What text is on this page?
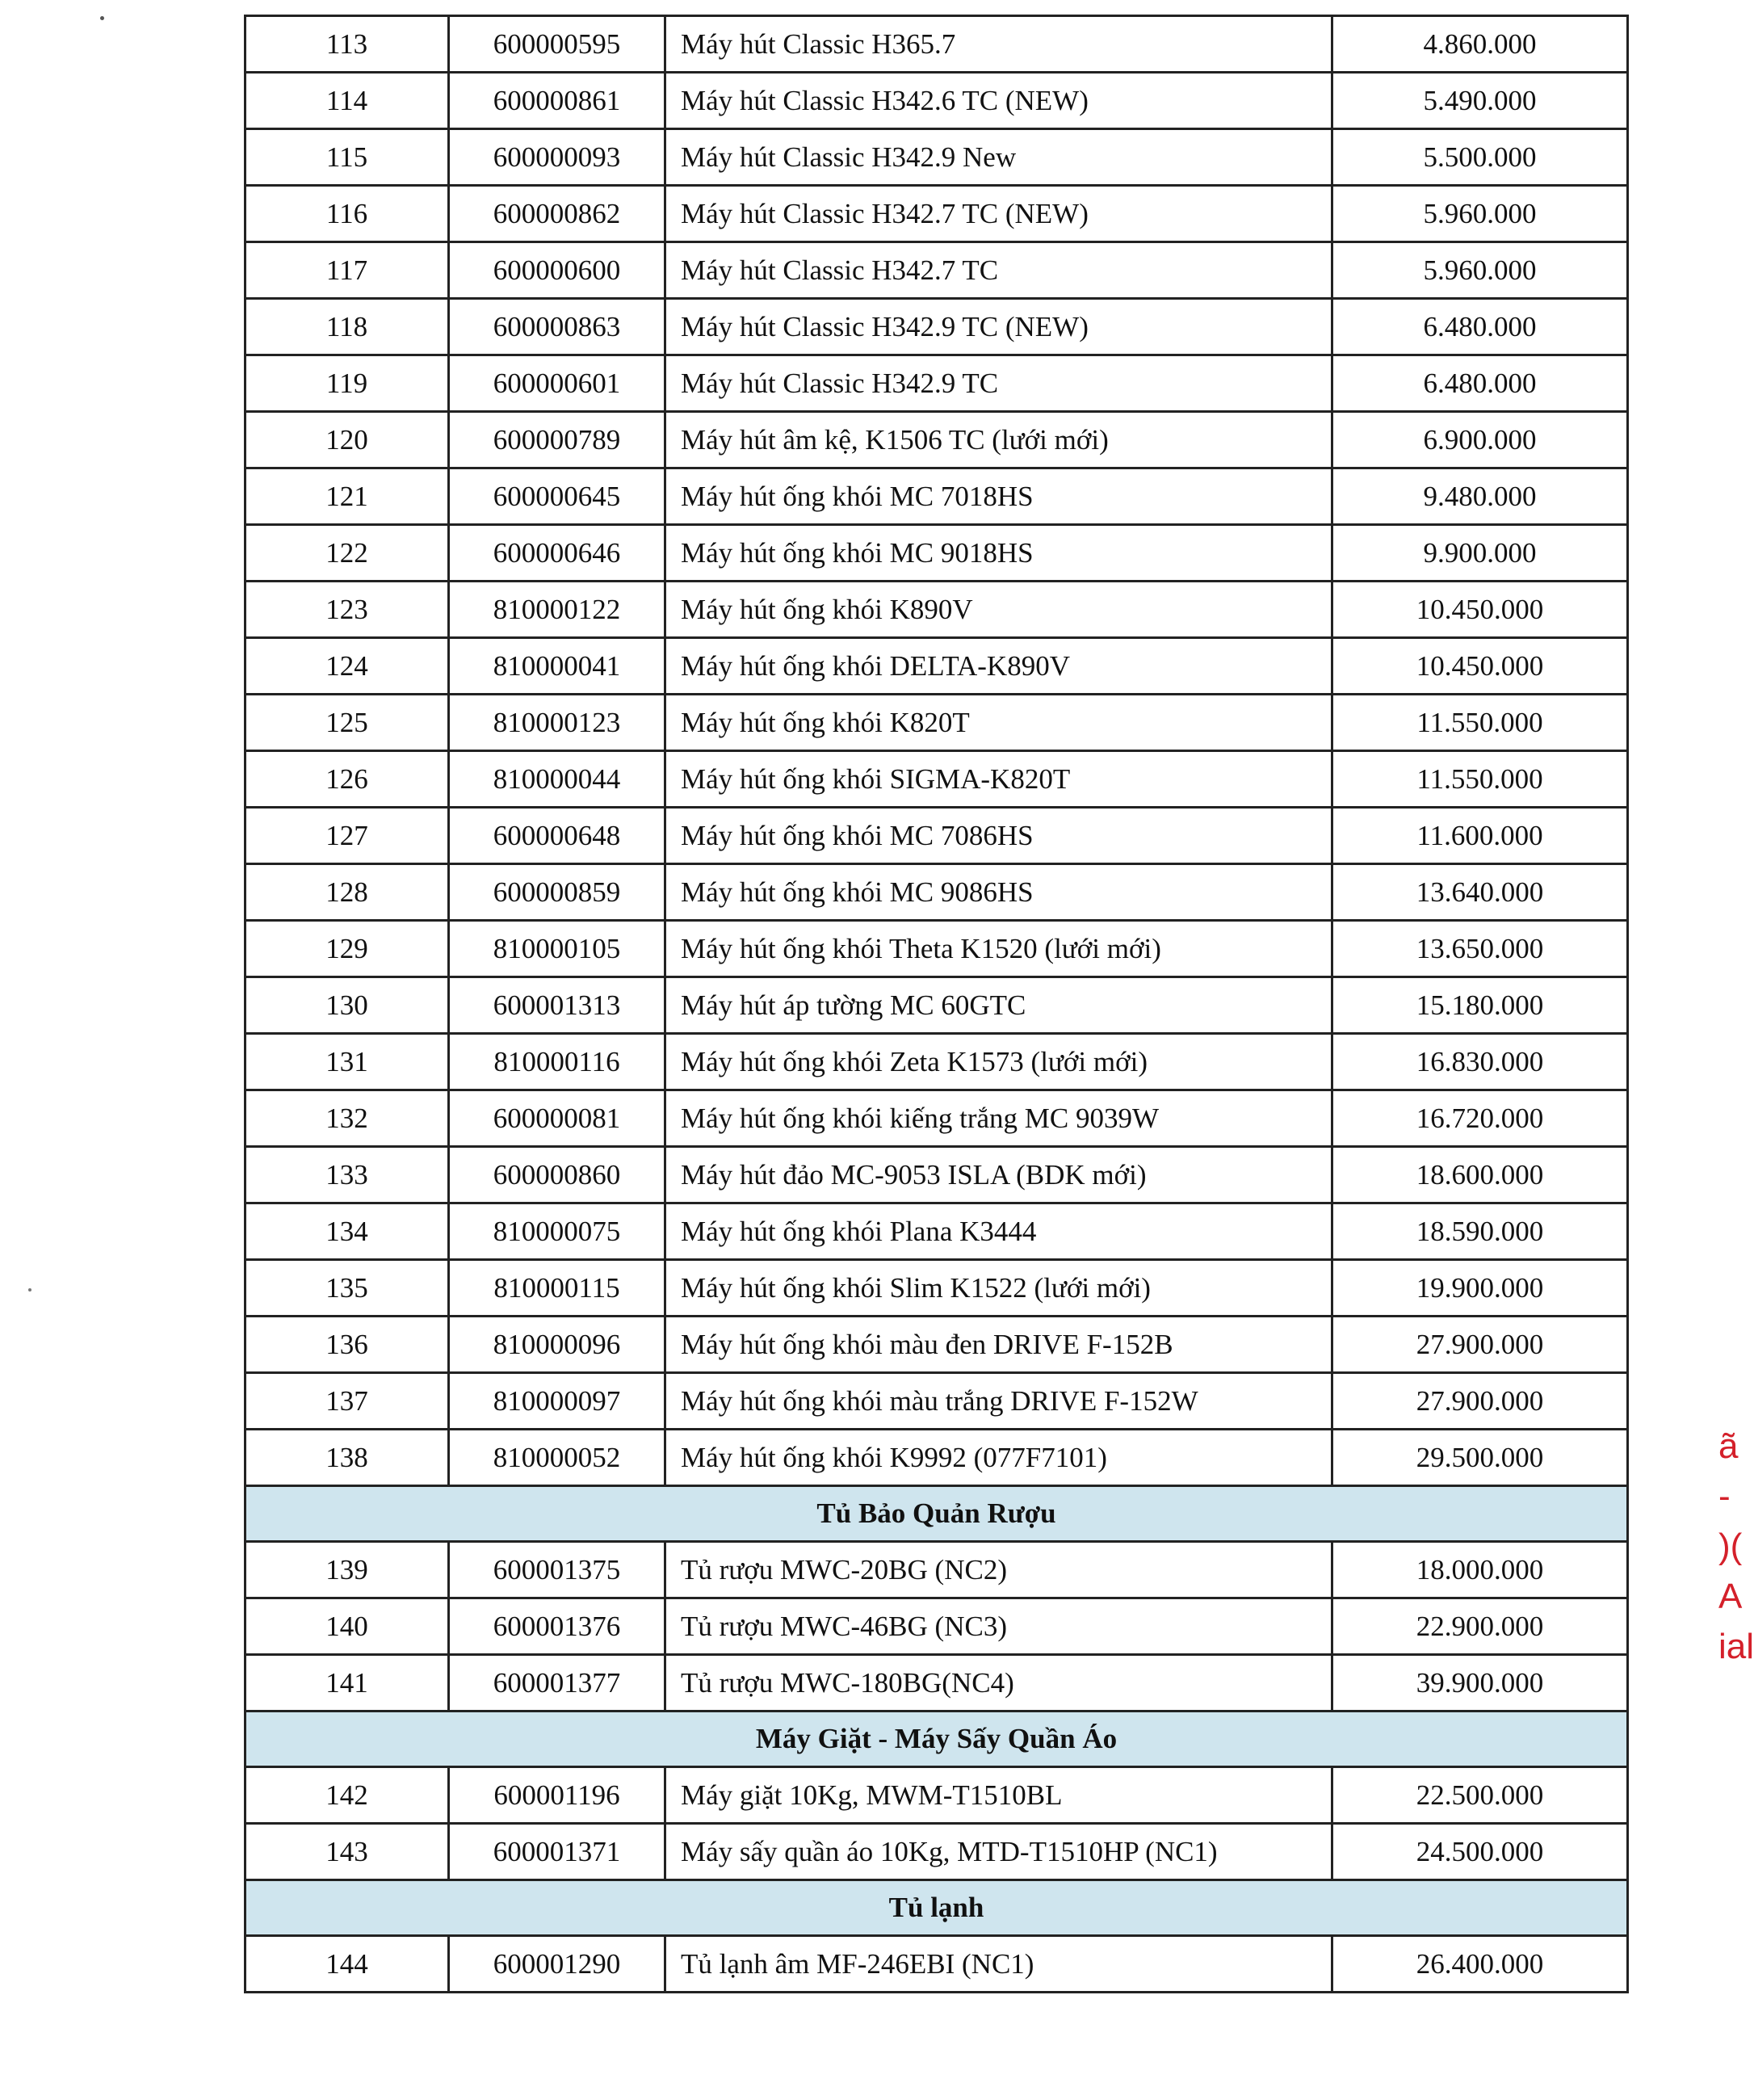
113	600000595	Máy hút Classic H365.7	4.860.000
114	600000861	Máy hút Classic H342.6 TC (NEW)	5.490.000
115	600000093	Máy hút Classic H342.9 New	5.500.000
116	600000862	Máy hút Classic H342.7 TC (NEW)	5.960.000
117	600000600	Máy hút Classic H342.7 TC	5.960.000
118	600000863	Máy hút Classic H342.9 TC (NEW)	6.480.000
119	600000601	Máy hút Classic H342.9 TC	6.480.000
120	600000789	Máy hút âm kệ, K1506 TC (lưới mới)	6.900.000
121	600000645	Máy hút ống khói MC 7018HS	9.480.000
122	600000646	Máy hút ống khói MC 9018HS	9.900.000
123	810000122	Máy hút ống khói K890V	10.450.000
124	810000041	Máy hút ống khói DELTA-K890V	10.450.000
125	810000123	Máy hút ống khói K820T	11.550.000
126	810000044	Máy hút ống khói SIGMA-K820T	11.550.000
127	600000648	Máy hút ống khói MC 7086HS	11.600.000
128	600000859	Máy hút ống khói MC 9086HS	13.640.000
129	810000105	Máy hút ống khói Theta K1520 (lưới mới)	13.650.000
130	600001313	Máy hút áp tường MC 60GTC	15.180.000
131	810000116	Máy hút ống khói Zeta K1573 (lưới mới)	16.830.000
132	600000081	Máy hút ống khói kiếng trắng MC 9039W	16.720.000
133	600000860	Máy hút đảo MC-9053 ISLA (BDK mới)	18.600.000
134	810000075	Máy hút ống khói Plana K3444	18.590.000
135	810000115	Máy hút ống khói Slim K1522 (lưới mới)	19.900.000
136	810000096	Máy hút ống khói màu đen DRIVE F-152B	27.900.000
137	810000097	Máy hút ống khói màu trắng DRIVE F-152W	27.900.000
138	810000052	Máy hút ống khói K9992 (077F7101)	29.500.000
Tủ Bảo Quản Rượu			
139	600001375	Tủ rượu MWC-20BG (NC2)	18.000.000
140	600001376	Tủ rượu MWC-46BG (NC3)	22.900.000
141	600001377	Tủ rượu MWC-180BG(NC4)	39.900.000
Máy Giặt - Máy Sấy Quần Áo			
142	600001196	Máy giặt 10Kg, MWM-T1510BL	22.500.000
143	600001371	Máy sấy quần áo 10Kg, MTD-T1510HP (NC1)	24.500.000
Tủ lạnh			
144	600001290	Tủ lạnh âm MF-246EBI (NC1)	26.400.000
ã
-
)(
A
ial
